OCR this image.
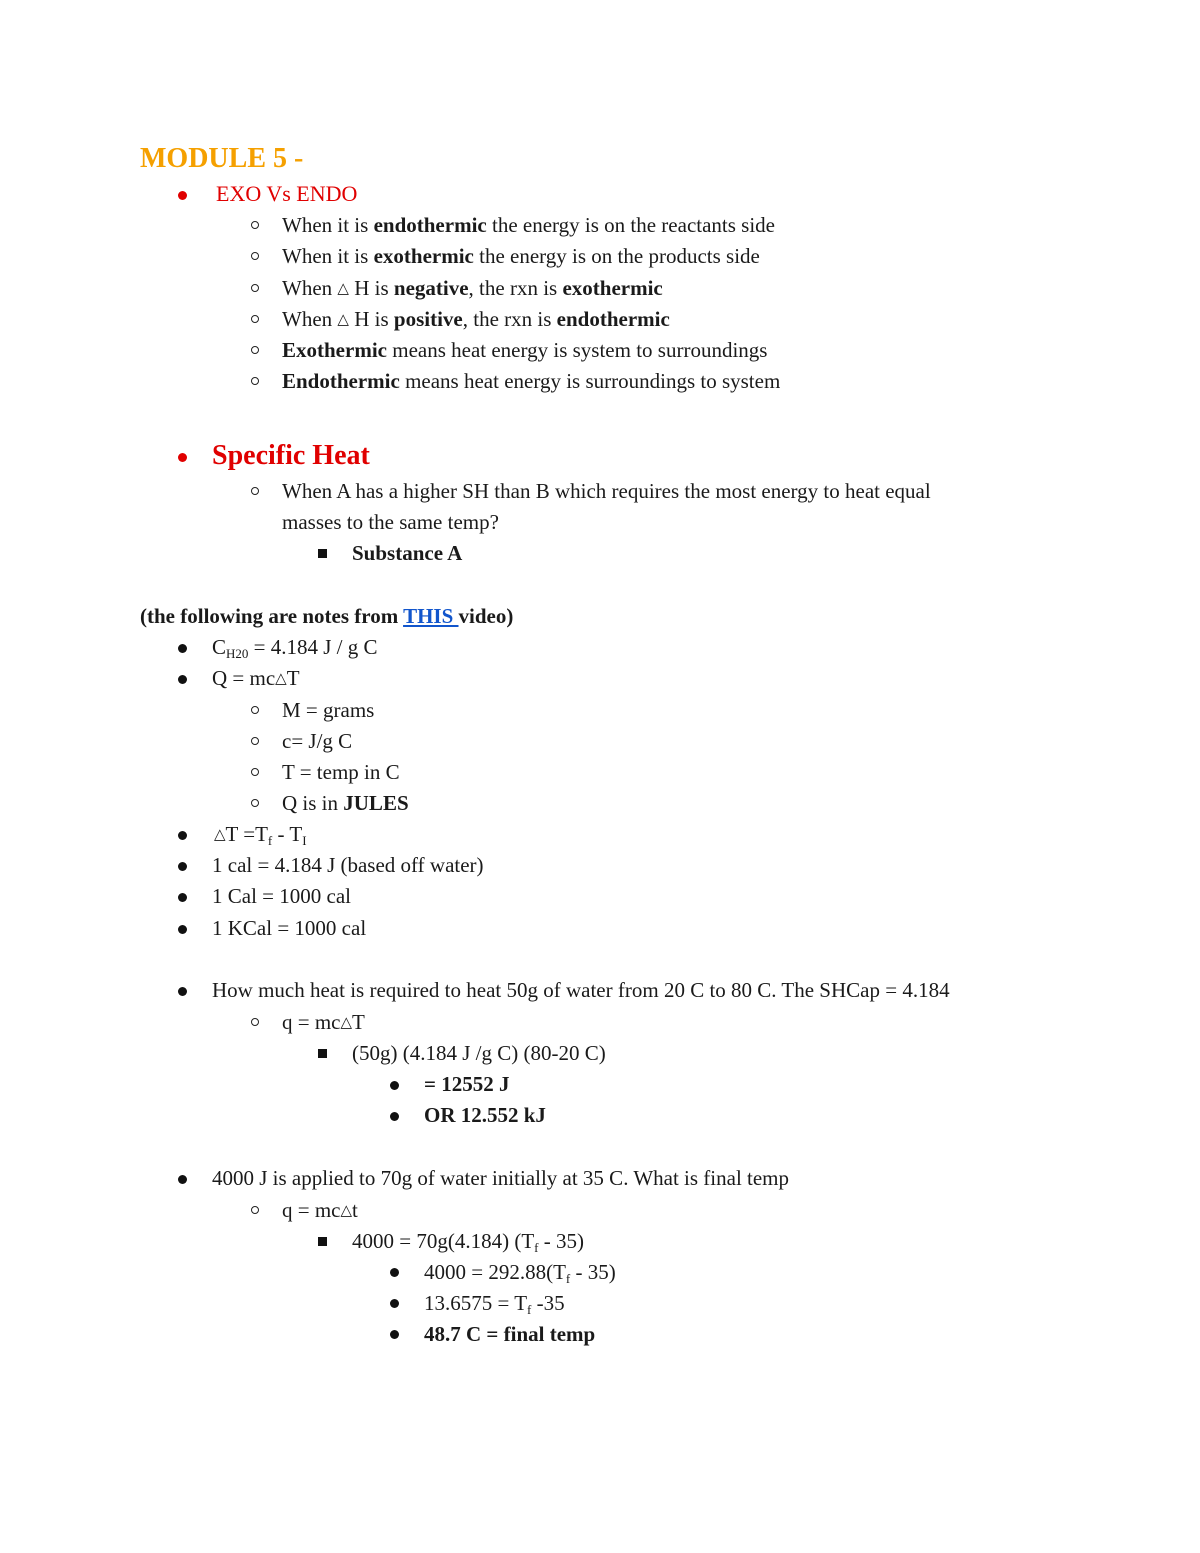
MODULE 5 -
EXO Vs ENDO
When it is endothermic the energy is on the reactants side
When it is exothermic the energy is on the products side
When △ H is negative, the rxn is exothermic
When △ H is positive, the rxn is endothermic
Exothermic means heat energy is system to surroundings
Endothermic means heat energy is surroundings to system
Specific Heat
When A has a higher SH than B which requires the most energy to heat equal
masses to the same temp?
Substance A
(the following are notes from THIS video)
$C_{H20} = 4.184$ J / g C
Q = mc△T
M = grams
c= J/g C
T = temp in C
Q is in JULES
△T $=T_f - T_I$
1 cal = 4.184 J (based off water)
1 Cal = 1000 cal
1 KCal = 1000 cal
How much heat is required to heat 50g of water from 20 C to 80 C. The SHCap = 4.184
q = mc△T
(50g) (4.184 J /g C) (80-20 C)
= 12552 J
OR 12.552 kJ
4000 J is applied to 70g of water initially at 35 C. What is final temp
q = mc△t
4000 = 70g(4.184) $(T_f - 35)$
$4000 = 292.88(T_f - 35)$
$13.6575 = T_f$ -35
48.7 C = final temp
